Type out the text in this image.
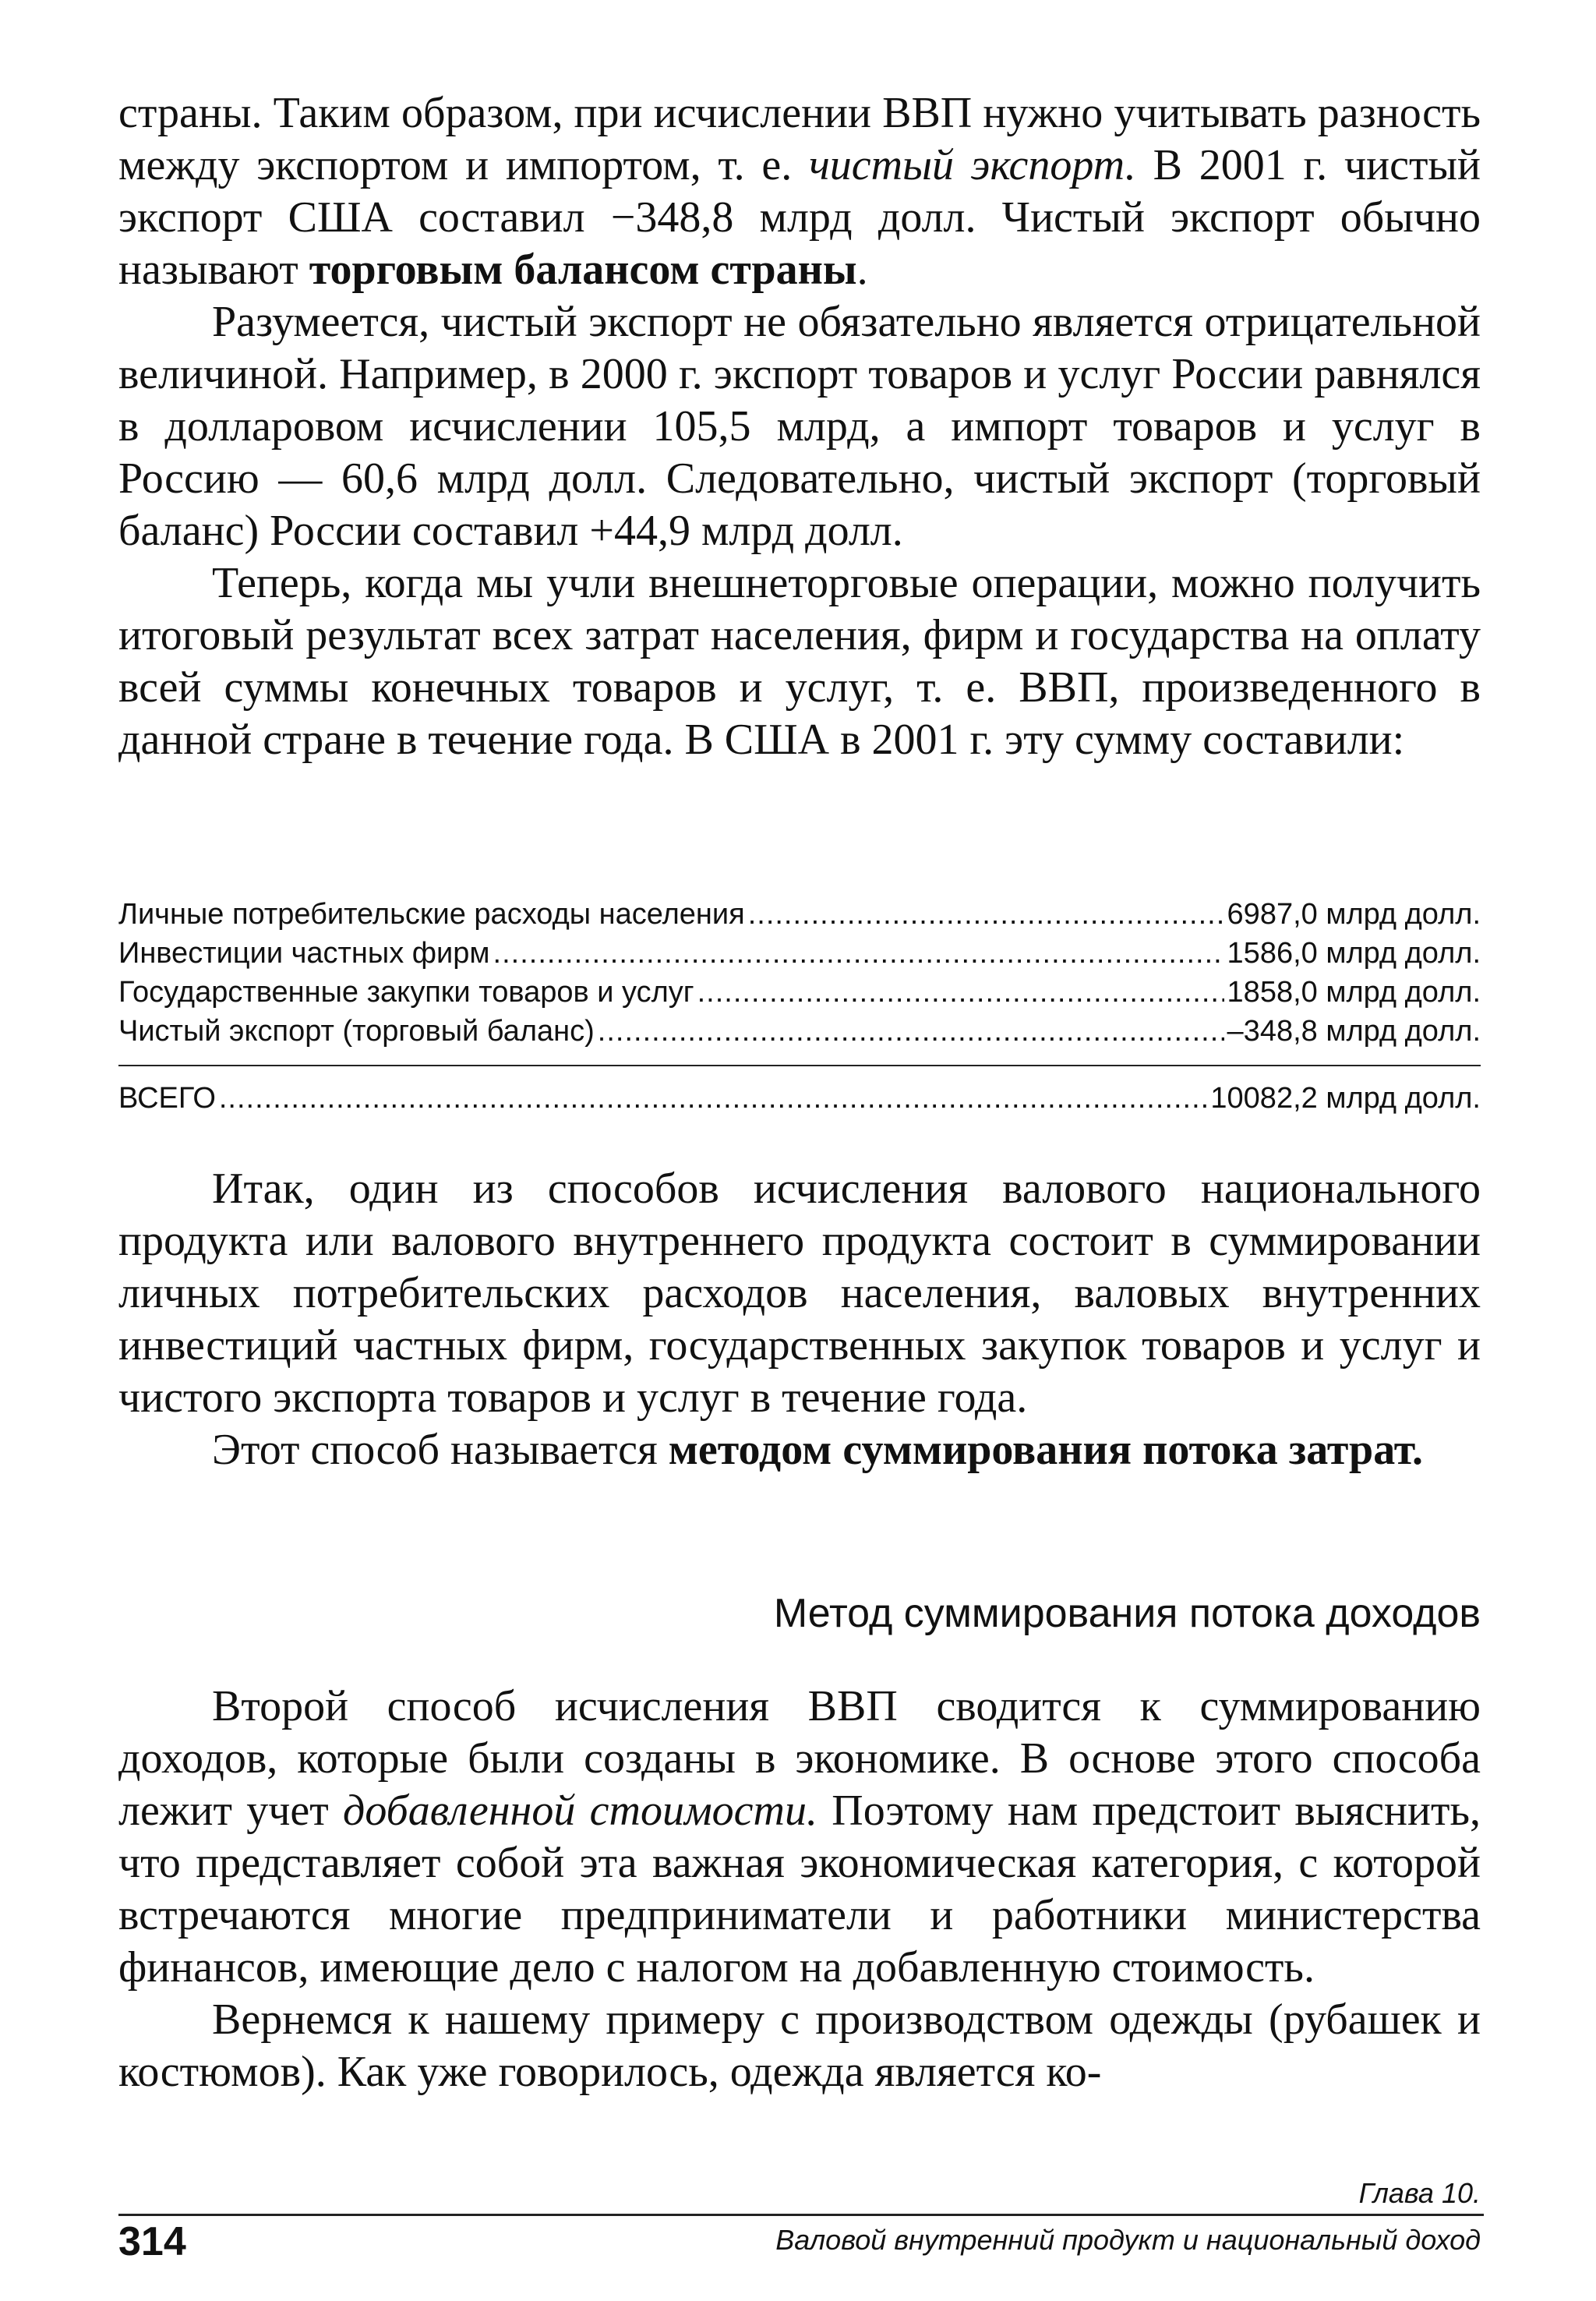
страны. Таким образом, при исчислении ВВП нужно учитывать разность между экспортом и импортом, т. е. чистый экспорт. В 2001 г. чистый экспорт США составил −348,8 млрд долл. Чистый экспорт обычно называют торговым балансом страны.

Разумеется, чистый экспорт не обязательно является отрицательной величиной. Например, в 2000 г. экспорт товаров и услуг России равнялся в долларовом исчислении 105,5 млрд, а импорт товаров и услуг в Россию — 60,6 млрд долл. Следовательно, чистый экспорт (торговый баланс) России составил +44,9 млрд долл.

Теперь, когда мы учли внешнеторговые операции, можно получить итоговый результат всех затрат населения, фирм и государства на оплату всей суммы конечных товаров и услуг, т. е. ВВП, произведенного в данной стране в течение года. В США в 2001 г. эту сумму составили:

Личные потребительские расходы населения .....	6987,0 млрд долл.
Инвестиции частных фирм .....	1586,0 млрд долл.
Государственные закупки товаров и услуг .....	1858,0 млрд долл.
Чистый экспорт (торговый баланс) .....	–348,8 млрд долл.
ВСЕГО .....	10082,2 млрд долл.

Итак, один из способов исчисления валового национального продукта или валового внутреннего продукта состоит в суммировании личных потребительских расходов населения, валовых внутренних инвестиций частных фирм, государственных закупок товаров и услуг и чистого экспорта товаров и услуг в течение года.

Этот способ называется методом суммирования потока затрат.

Метод суммирования потока доходов

Второй способ исчисления ВВП сводится к суммированию доходов, которые были созданы в экономике. В основе этого способа лежит учет добавленной стоимости. Поэтому нам предстоит выяснить, что представляет собой эта важная экономическая категория, с которой встречаются многие предприниматели и работники министерства финансов, имеющие дело с налогом на добавленную стоимость.

Вернемся к нашему примеру с производством одежды (рубашек и костюмов). Как уже говорилось, одежда является ко-

Глава 10.
314	Валовой внутренний продукт и национальный доход
